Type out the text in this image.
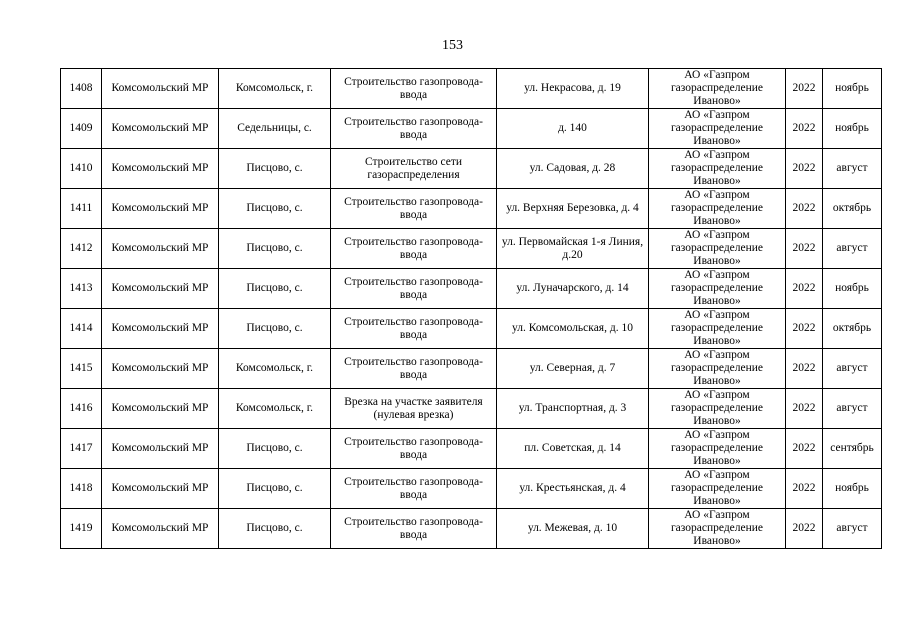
153
1408	Комсомольский МР	Комсомольск, г.	Строительство газопровода-ввода	ул. Некрасова, д. 19	АО «Газпром газораспределение Иваново»	2022	ноябрь
1409	Комсомольский МР	Седельницы, с.	Строительство газопровода-ввода	д. 140	АО «Газпром газораспределение Иваново»	2022	ноябрь
1410	Комсомольский МР	Писцово, с.	Строительство сети газораспределения	ул. Садовая, д. 28	АО «Газпром газораспределение Иваново»	2022	август
1411	Комсомольский МР	Писцово, с.	Строительство газопровода-ввода	ул. Верхняя Березовка, д. 4	АО «Газпром газораспределение Иваново»	2022	октябрь
1412	Комсомольский МР	Писцово, с.	Строительство газопровода-ввода	ул. Первомайская 1-я Линия, д.20	АО «Газпром газораспределение Иваново»	2022	август
1413	Комсомольский МР	Писцово, с.	Строительство газопровода-ввода	ул. Луначарского, д. 14	АО «Газпром газораспределение Иваново»	2022	ноябрь
1414	Комсомольский МР	Писцово, с.	Строительство газопровода-ввода	ул. Комсомольская, д. 10	АО «Газпром газораспределение Иваново»	2022	октябрь
1415	Комсомольский МР	Комсомольск, г.	Строительство газопровода-ввода	ул. Северная, д. 7	АО «Газпром газораспределение Иваново»	2022	август
1416	Комсомольский МР	Комсомольск, г.	Врезка на участке заявителя (нулевая врезка)	ул. Транспортная, д. 3	АО «Газпром газораспределение Иваново»	2022	август
1417	Комсомольский МР	Писцово, с.	Строительство газопровода-ввода	пл. Советская, д. 14	АО «Газпром газораспределение Иваново»	2022	сентябрь
1418	Комсомольский МР	Писцово, с.	Строительство газопровода-ввода	ул. Крестьянская, д. 4	АО «Газпром газораспределение Иваново»	2022	ноябрь
1419	Комсомольский МР	Писцово, с.	Строительство газопровода-ввода	ул. Межевая, д. 10	АО «Газпром газораспределение Иваново»	2022	август
